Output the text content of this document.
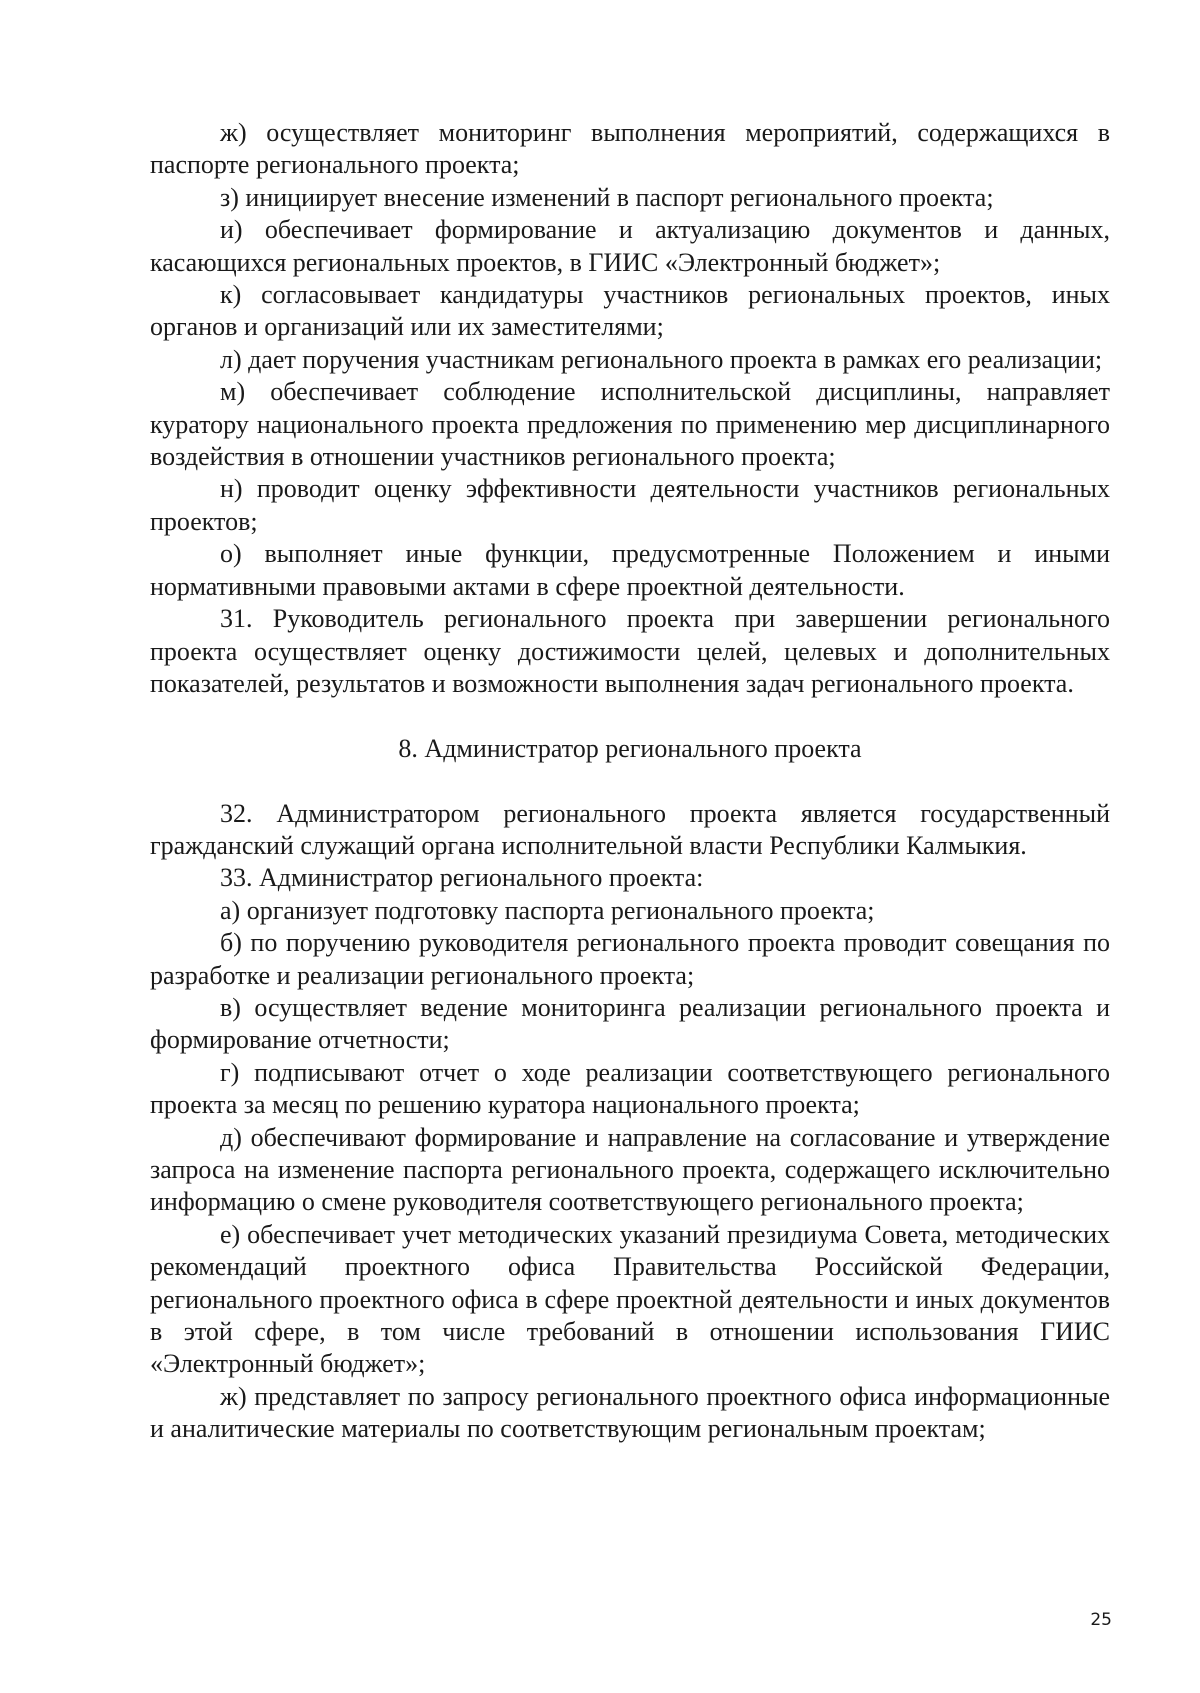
ж) осуществляет мониторинг выполнения мероприятий, содержащихся в паспорте регионального проекта;

з) инициирует внесение изменений в паспорт регионального проекта;

и) обеспечивает формирование и актуализацию документов и данных, касающихся региональных проектов, в ГИИС «Электронный бюджет»;

к) согласовывает кандидатуры участников региональных проектов, иных органов и организаций или их заместителями;

л) дает поручения участникам регионального проекта в рамках его реализации;

м) обеспечивает соблюдение исполнительской дисциплины, направляет куратору национального проекта предложения по применению мер дисциплинарного воздействия в отношении участников регионального проекта;

н) проводит оценку эффективности деятельности участников региональных проектов;

о) выполняет иные функции, предусмотренные Положением и иными нормативными правовыми актами в сфере проектной деятельности.

31. Руководитель регионального проекта при завершении регионального проекта осуществляет оценку достижимости целей, целевых и дополнительных показателей, результатов и возможности выполнения задач регионального проекта.

8. Администратор регионального проекта

32. Администратором регионального проекта является государственный гражданский служащий органа исполнительной власти Республики Калмыкия.

33. Администратор регионального проекта:

а) организует подготовку паспорта регионального проекта;

б) по поручению руководителя регионального проекта проводит совещания по разработке и реализации регионального проекта;

в) осуществляет ведение мониторинга реализации регионального проекта и формирование отчетности;

г) подписывают отчет о ходе реализации соответствующего регионального проекта за месяц по решению куратора национального проекта;

д) обеспечивают формирование и направление на согласование и утверждение запроса на изменение паспорта регионального проекта, содержащего исключительно информацию о смене руководителя соответствующего регионального проекта;

е) обеспечивает учет методических указаний президиума Совета, методических рекомендаций проектного офиса Правительства Российской Федерации, регионального проектного офиса в сфере проектной деятельности и иных документов в этой сфере, в том числе требований в отношении использования ГИИС «Электронный бюджет»;

ж) представляет по запросу регионального проектного офиса информационные и аналитические материалы по соответствующим региональным проектам;

25
